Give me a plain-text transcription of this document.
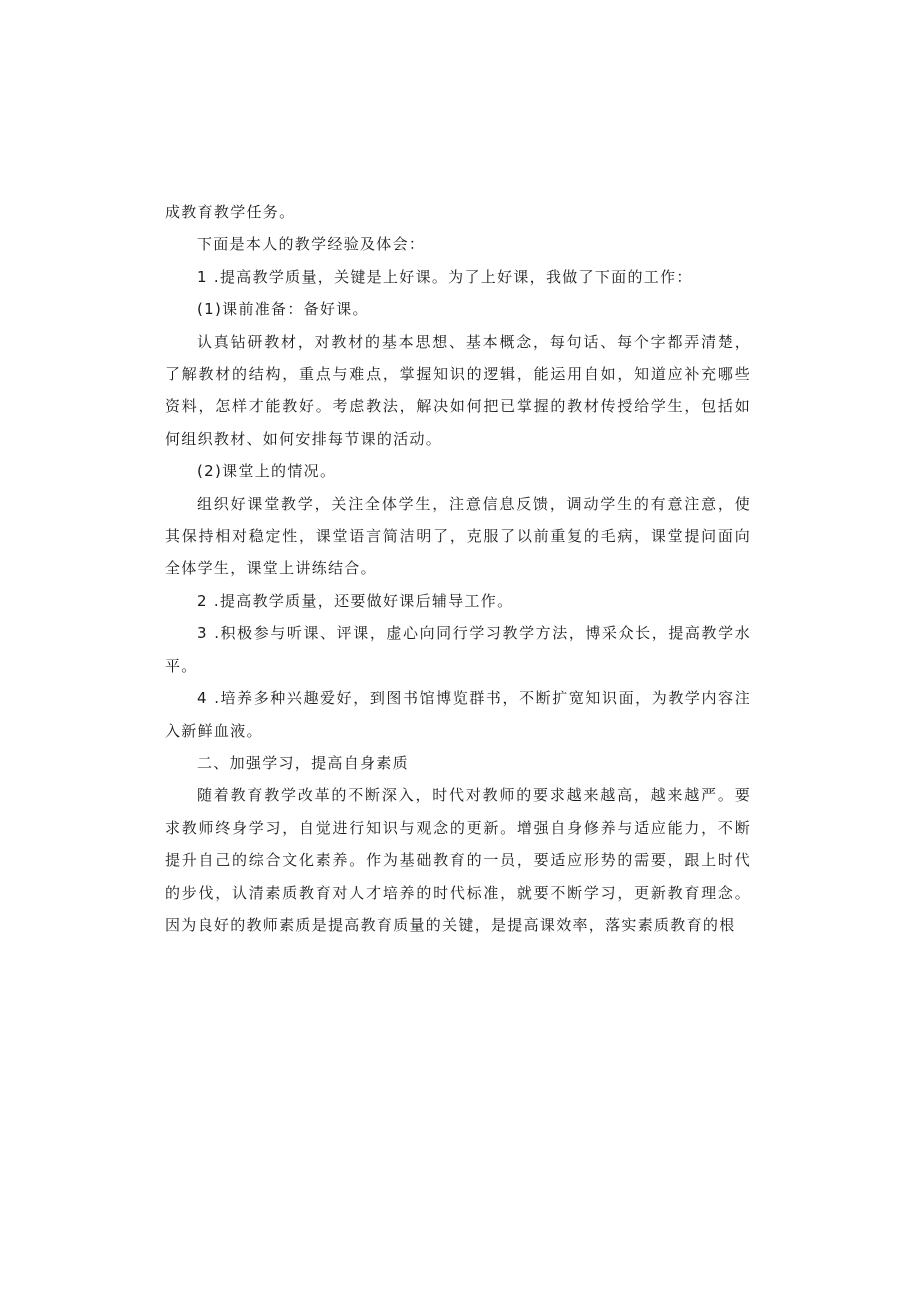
成教育教学任务。

下面是本人的教学经验及体会：

1 .提高教学质量，关键是上好课。为了上好课，我做了下面的工作：

(1)课前准备：备好课。

认真钻研教材，对教材的基本思想、基本概念，每句话、每个字都弄清楚，了解教材的结构，重点与难点，掌握知识的逻辑，能运用自如，知道应补充哪些资料，怎样才能教好。考虑教法，解决如何把已掌握的教材传授给学生，包括如何组织教材、如何安排每节课的活动。

(2)课堂上的情况。

组织好课堂教学，关注全体学生，注意信息反馈，调动学生的有意注意，使其保持相对稳定性，课堂语言简洁明了，克服了以前重复的毛病，课堂提问面向全体学生，课堂上讲练结合。

2 .提高教学质量，还要做好课后辅导工作。

3 .积极参与听课、评课，虚心向同行学习教学方法，博采众长，提高教学水平。

4 .培养多种兴趣爱好，到图书馆博览群书，不断扩宽知识面，为教学内容注入新鲜血液。

二、加强学习，提高自身素质

随着教育教学改革的不断深入，时代对教师的要求越来越高，越来越严。要求教师终身学习，自觉进行知识与观念的更新。增强自身修养与适应能力，不断提升自己的综合文化素养。作为基础教育的一员，要适应形势的需要，跟上时代的步伐，认清素质教育对人才培养的时代标准，就要不断学习，更新教育理念。因为良好的教师素质是提高教育质量的关键，是提高课效率，落实素质教育的根
